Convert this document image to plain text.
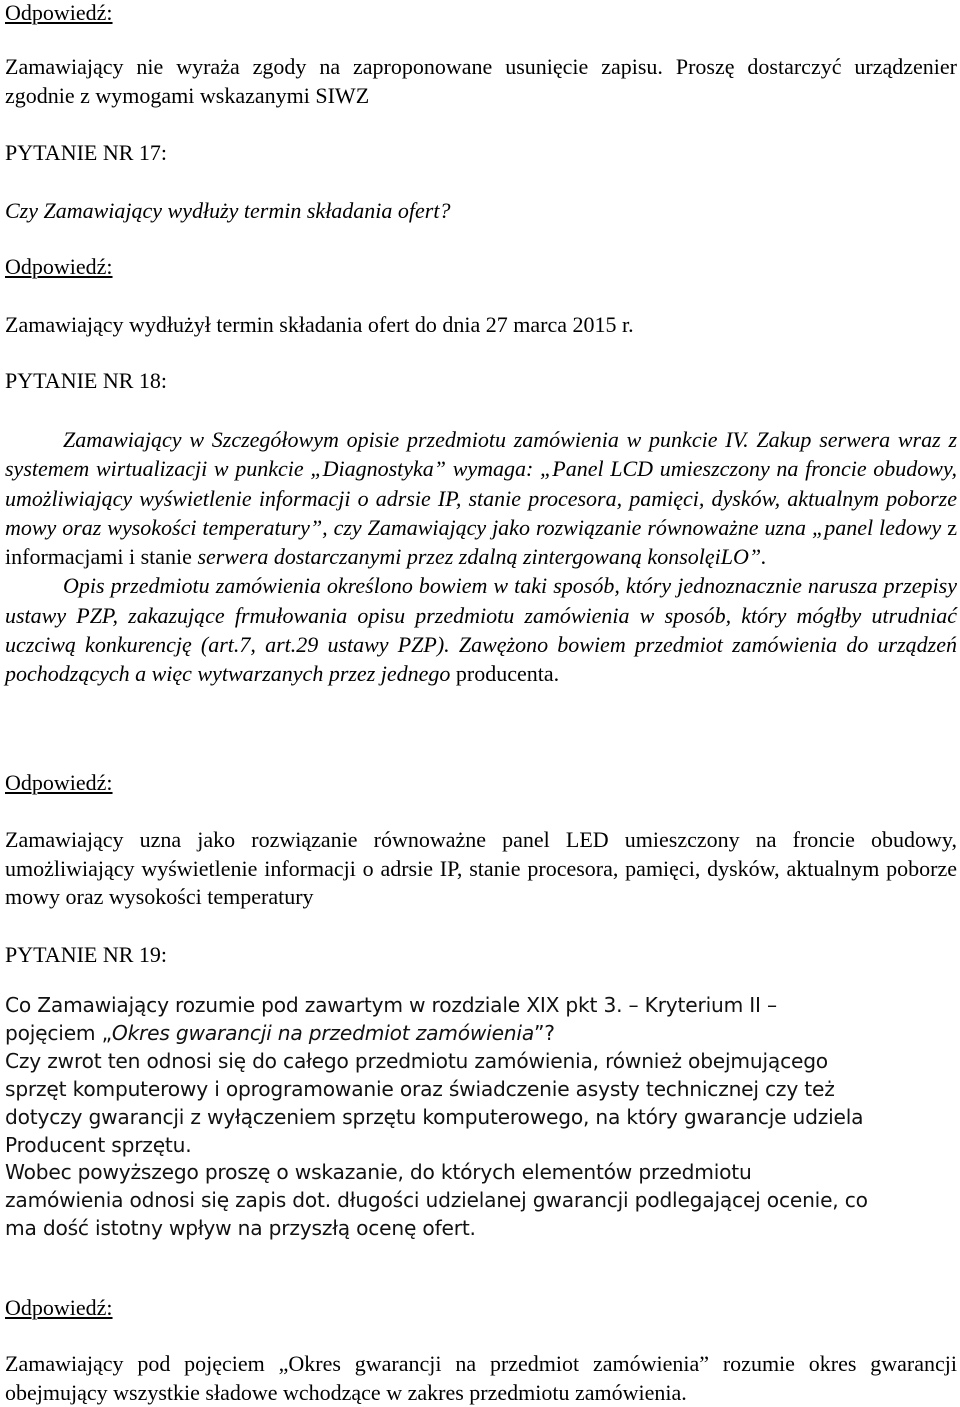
Odpowiedź:
Zamawiający nie wyraża zgody na zaproponowane usunięcie zapisu. Proszę dostarczyć urządzenier zgodnie z wymogami wskazanymi SIWZ
PYTANIE NR 17:
Czy Zamawiający wydłuży termin składania ofert?
Odpowiedź:
Zamawiający wydłużył termin składania ofert do dnia 27 marca 2015 r.
PYTANIE NR 18:

Zamawiający w Szczegółowym opisie przedmiotu zamówienia w punkcie IV. Zakup serwera wraz z systemem wirtualizacji w punkcie „Diagnostyka” wymaga: „Panel LCD umieszczony na froncie obudowy, umożliwiający wyświetlenie informacji o adrsie IP, stanie procesora, pamięci, dysków, aktualnym poborze mowy oraz wysokości temperatury”, czy Zamawiający jako rozwiązanie równoważne uzna „panel ledowy z informacjami i stanie serwera dostarczanymi przez zdalną zintergowaną konsolęiLO”.

Opis przedmiotu zamówienia określono bowiem w taki sposób, który jednoznacznie narusza przepisy ustawy PZP, zakazujące frmułowania opisu przedmiotu zamówienia w sposób, który mógłby utrudniać uczciwą konkurencję (art.7, art.29 ustawy PZP). Zawężono bowiem przedmiot zamówienia do urządzeń pochodzących a więc wytwarzanych przez jednego producenta.

Odpowiedź:
Zamawiający uzna jako rozwiązanie równoważne panel LED umieszczony na froncie obudowy, umożliwiający wyświetlenie informacji o adrsie IP, stanie procesora, pamięci, dysków, aktualnym poborze mowy oraz wysokości temperatury
PYTANIE NR 19:
Co Zamawiający rozumie pod zawartym w rozdziale XIX pkt 3. – Kryterium II –
pojęciem „Okres gwarancji na przedmiot zamówienia”?
Czy zwrot ten odnosi się do całego przedmiotu zamówienia, również obejmującego
sprzęt komputerowy i oprogramowanie oraz świadczenie asysty technicznej czy też
dotyczy gwarancji z wyłączeniem sprzętu komputerowego, na który gwarancje udziela
Producent sprzętu.
Wobec powyższego proszę o wskazanie, do których elementów przedmiotu
zamówienia odnosi się zapis dot. długości udzielanej gwarancji podlegającej ocenie, co
ma dość istotny wpływ na przyszłą ocenę ofert.
Odpowiedź:
Zamawiający pod pojęciem „Okres gwarancji na przedmiot zamówienia” rozumie okres gwarancji obejmujący wszystkie sładowe wchodzące w zakres przedmiotu zamówienia.
